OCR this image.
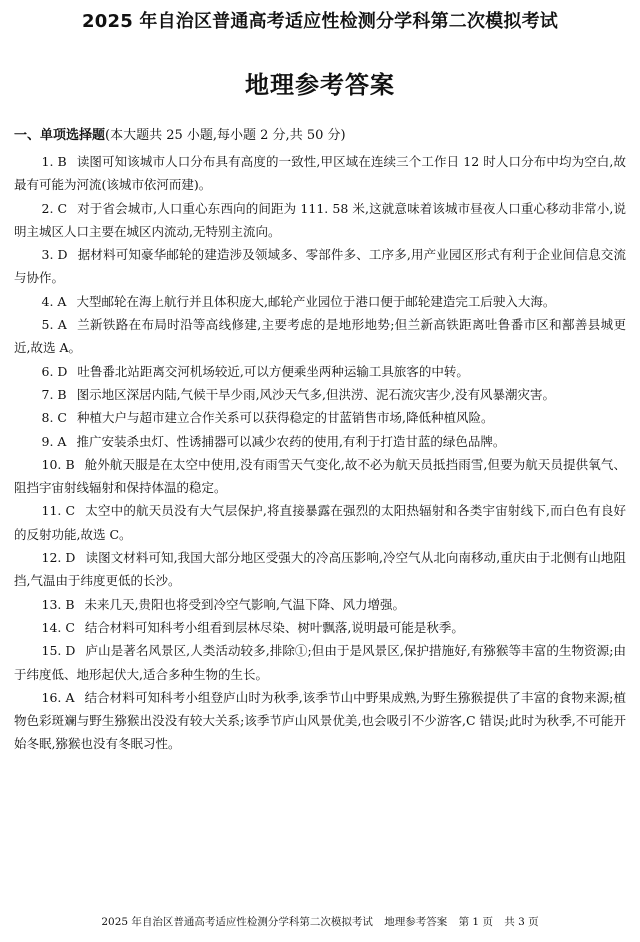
2025 年自治区普通高考适应性检测分学科第二次模拟考试
地理参考答案

一、单项选择题(本大题共 25 小题,每小题 2 分,共 50 分)

1. B 读图可知该城市人口分布具有高度的一致性,甲区域在连续三个工作日 12 时人口分布中均为空白,故最有可能为河流(该城市依河而建)。

2. C 对于省会城市,人口重心东西向的间距为 111. 58 米,这就意味着该城市昼夜人口重心移动非常小,说明主城区人口主要在城区内流动,无特别主流向。

3. D 据材料可知豪华邮轮的建造涉及领域多、零部件多、工序多,用产业园区形式有利于企业间信息交流与协作。

4. A 大型邮轮在海上航行并且体积庞大,邮轮产业园位于港口便于邮轮建造完工后驶入大海。

5. A 兰新铁路在布局时沿等高线修建,主要考虑的是地形地势;但兰新高铁距离吐鲁番市区和鄯善县城更近,故选 A。

6. D 吐鲁番北站距离交河机场较近,可以方便乘坐两种运输工具旅客的中转。

7. B 图示地区深居内陆,气候干旱少雨,风沙天气多,但洪涝、泥石流灾害少,没有风暴潮灾害。

8. C 种植大户与超市建立合作关系可以获得稳定的甘蓝销售市场,降低种植风险。

9. A 推广安装杀虫灯、性诱捕器可以减少农药的使用,有利于打造甘蓝的绿色品牌。

10. B 舱外航天服是在太空中使用,没有雨雪天气变化,故不必为航天员抵挡雨雪,但要为航天员提供氧气、阻挡宇宙射线辐射和保持体温的稳定。

11. C 太空中的航天员没有大气层保护,将直接暴露在强烈的太阳热辐射和各类宇宙射线下,而白色有良好的反射功能,故选 C。

12. D 读图文材料可知,我国大部分地区受强大的冷高压影响,冷空气从北向南移动,重庆由于北侧有山地阻挡,气温由于纬度更低的长沙。

13. B 未来几天,贵阳也将受到冷空气影响,气温下降、风力增强。

14. C 结合材料可知科考小组看到层林尽染、树叶飘落,说明最可能是秋季。

15. D 庐山是著名风景区,人类活动较多,排除①;但由于是风景区,保护措施好,有猕猴等丰富的生物资源;由于纬度低、地形起伏大,适合多种生物的生长。

16. A 结合材料可知科考小组登庐山时为秋季,该季节山中野果成熟,为野生猕猴提供了丰富的食物来源;植物色彩斑斓与野生猕猴出没没有较大关系;该季节庐山风景优美,也会吸引不少游客,C 错误;此时为秋季,不可能开始冬眠,猕猴也没有冬眠习性。

2025 年自治区普通高考适应性检测分学科第二次模拟考试 地理参考答案 第 1 页 共 3 页
